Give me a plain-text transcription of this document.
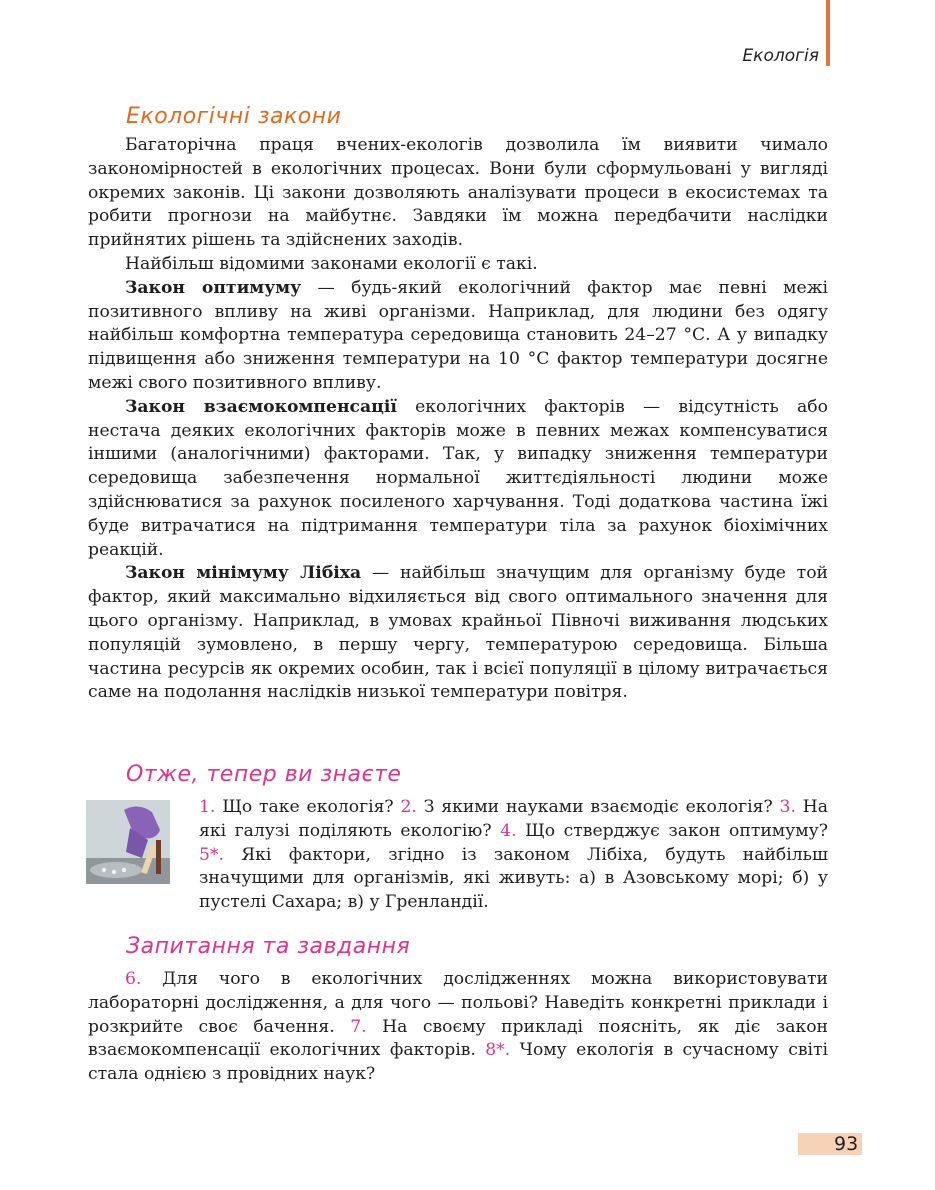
Екологія
Екологічні закони

Багаторічна праця вчених-екологів дозволила їм виявити чимало закономірностей в екологічних процесах. Вони були сформульовані у вигляді окремих законів. Ці закони дозволяють аналізувати процеси в екосистемах та робити прогнози на майбутнє. Завдяки їм можна передбачити наслідки прийнятих рішень та здійснених заходів.

Найбільш відомими законами екології є такі.

Закон оптимуму — будь-який екологічний фактор має певні межі позитивного впливу на живі організми. Наприклад, для людини без одягу найбільш комфортна температура середовища становить 24–27 °С. А у випадку підвищення або зниження температури на 10 °С фактор температури досягне межі свого позитивного впливу.

Закон взаємокомпенсації екологічних факторів — відсутність або нестача деяких екологічних факторів може в певних межах компенсуватися іншими (аналогічними) факторами. Так, у випадку зниження температури середовища забезпечення нормальної життєдіяльності людини може здійснюватися за рахунок посиленого харчування. Тоді додаткова частина їжі буде витрачатися на підтримання температури тіла за рахунок біохімічних реакцій.

Закон мінімуму Лібіха — найбільш значущим для організму буде той фактор, який максимально відхиляється від свого оптимального значення для цього організму. Наприклад, в умовах крайньої Півночі виживання людських популяцій зумовлено, в першу чергу, температурою середовища. Більша частина ресурсів як окремих особин, так і всієї популяції в цілому витрачається саме на подолання наслідків низької температури повітря.

Отже, тепер ви знаєте
1. Що таке екологія? 2. З якими науками взаємодіє екологія? 3. На які галузі поділяють екологію? 4. Що стверджує закон оптимуму? 5*. Які фактори, згідно із законом Лібіха, будуть найбільш значущими для організмів, які живуть: а) в Азовському морі; б) у пустелі Сахара; в) у Гренландії.
Запитання та завдання

6. Для чого в екологічних дослідженнях можна використовувати лабораторні дослідження, а для чого — польові? Наведіть конкретні приклади і розкрийте своє бачення. 7. На своєму прикладі поясніть, як діє закон взаємокомпенсації екологічних факторів. 8*. Чому екологія в сучасному світі стала однією з провідних наук?

93
